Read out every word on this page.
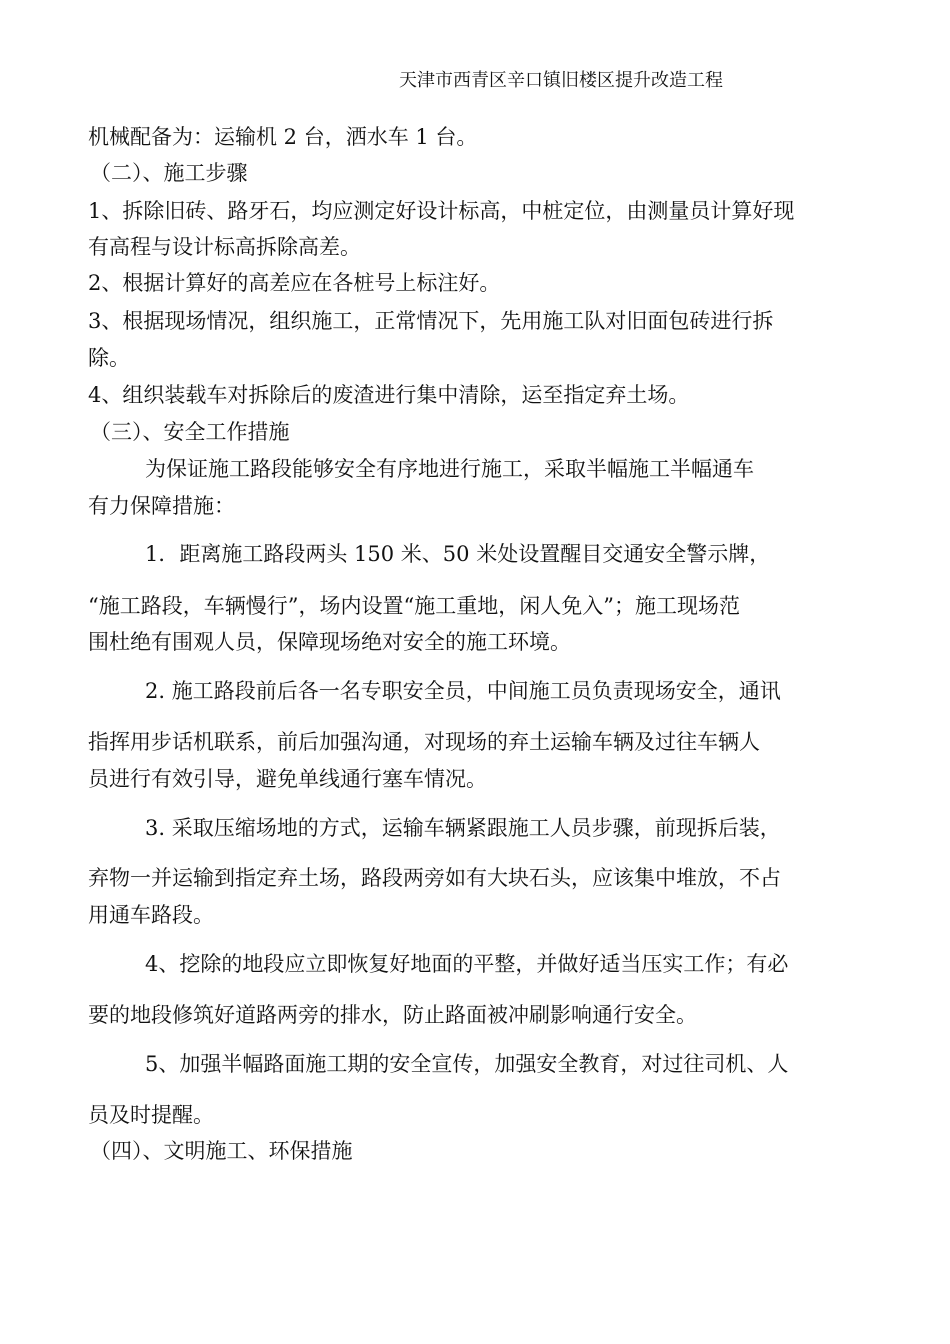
天津市西青区辛口镇旧楼区提升改造工程
机械配备为：运输机 2 台，洒水车 1 台。
（二）、施工步骤
1、拆除旧砖、路牙石，均应测定好设计标高，中桩定位，由测量员计算好现
有高程与设计标高拆除高差。
2、根据计算好的高差应在各桩号上标注好。
3、根据现场情况，组织施工，正常情况下，先用施工队对旧面包砖进行拆
除。
4、组织装载车对拆除后的废渣进行集中清除，运至指定弃土场。
（三）、安全工作措施
为保证施工路段能够安全有序地进行施工，采取半幅施工半幅通车
有力保障措施：
1．距离施工路段两头 150 米、50 米处设置醒目交通安全警示牌，
“施工路段，车辆慢行”，场内设置“施工重地，闲人免入”；施工现场范
围杜绝有围观人员，保障现场绝对安全的施工环境。
2. 施工路段前后各一名专职安全员，中间施工员负责现场安全，通讯
指挥用步话机联系，前后加强沟通，对现场的弃土运输车辆及过往车辆人
员进行有效引导，避免单线通行塞车情况。
3. 采取压缩场地的方式，运输车辆紧跟施工人员步骤，前现拆后装，
弃物一并运输到指定弃土场，路段两旁如有大块石头，应该集中堆放，不占
用通车路段。
4、挖除的地段应立即恢复好地面的平整，并做好适当压实工作；有必
要的地段修筑好道路两旁的排水，防止路面被冲刷影响通行安全。
5、加强半幅路面施工期的安全宣传，加强安全教育，对过往司机、人
员及时提醒。
（四）、文明施工、环保措施
